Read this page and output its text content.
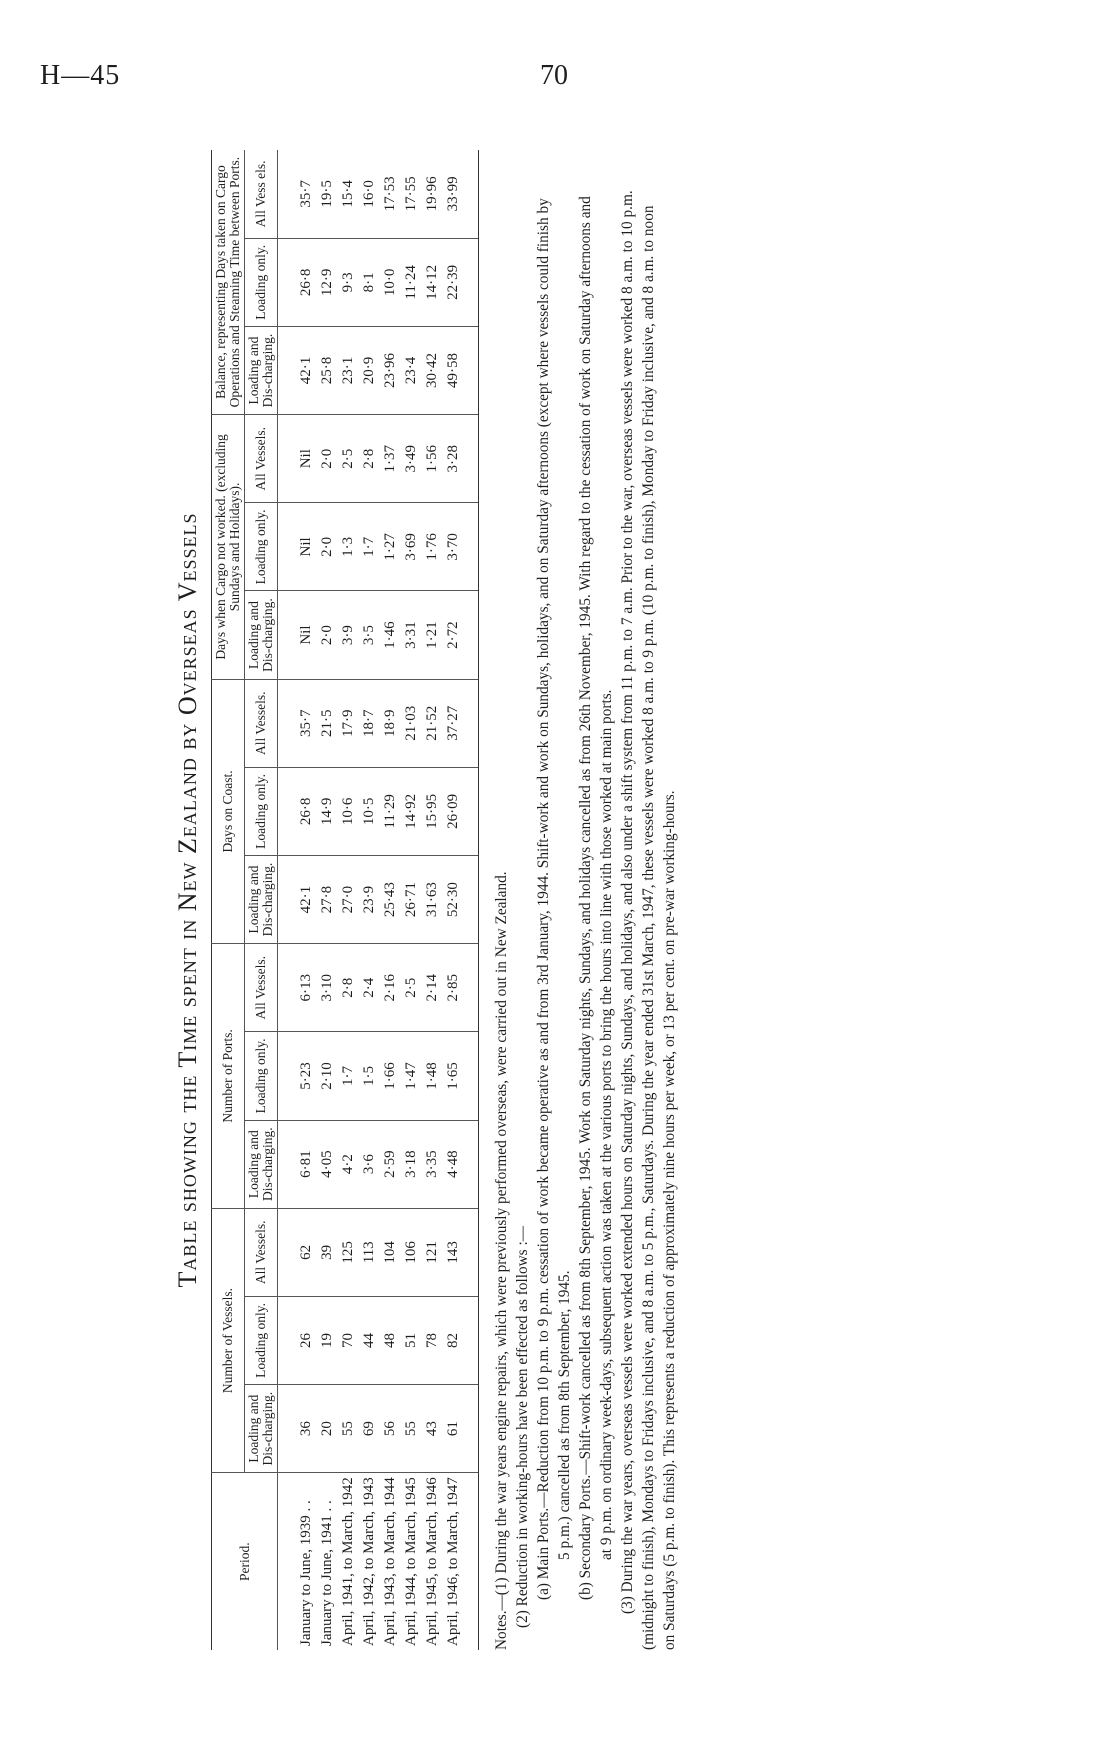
H—45	70
Table showing the Time spent in New Zealand by Overseas Vessels
Period.	Number of Vessels.			Number of Ports.			Days on Coast.			Days when Cargo not worked. (excluding Sundays and Holidays).			Balance, representing Days taken on Cargo Operations and Steaming Time between Ports.		
	Loading and Dis-charging.	Loading only.	All Vessels.	Loading and Dis-charging.	Loading only.	All Vessels.	Loading and Dis-charging.	Loading only.	All Vessels.	Loading and Dis-charging.	Loading only.	All Vessels.	Loading and Dis-charging.	Loading only.	All Vess els.
January to June, 1939 . .	36	26	62	6·81	5·23	6·13	42·1	26·8	35·7	Nil	Nil	Nil	42·1	26·8	35·7
January to June, 1941 . .	20	19	39	4·05	2·10	3·10	27·8	14·9	21·5	2·0	2·0	2·0	25·8	12·9	19·5
April, 1941, to March, 1942	55	70	125	4·2	1·7	2·8	27·0	10·6	17·9	3·9	1·3	2·5	23·1	9·3	15·4
April, 1942, to March, 1943	69	44	113	3·6	1·5	2·4	23·9	10·5	18·7	3·5	1·7	2·8	20·9	8·1	16·0
April, 1943, to March, 1944	56	48	104	2·59	1·66	2·16	25·43	11·29	18·9	1·46	1·27	1·37	23·96	10·0	17·53
April, 1944, to March, 1945	55	51	106	3·18	1·47	2·5	26·71	14·92	21·03	3·31	3·69	3·49	23·4	11·24	17·55
April, 1945, to March, 1946	43	78	121	3·35	1·48	2·14	31·63	15·95	21·52	1·21	1·76	1·56	30·42	14·12	19·96
April, 1946, to March, 1947	61	82	143	4·48	1·65	2·85	52·30	26·09	37·27	2·72	3·70	3·28	49·58	22·39	33·99

Notes.—(1) During the war years engine repairs, which were previously performed overseas, were carried out in New Zealand. (2) Reduction in working-hours have been effected as follows :— (a) Main Ports.—Reduction from 10 p.m. to 9 p.m. cessation of work became operative as and from 3rd January, 1944. Shift-work and work on Sundays, holidays, and on Saturday afternoons (except where vessels could finish by 5 p.m.) cancelled as from 8th September, 1945. (b) Secondary Ports.—Shift-work cancelled as from 8th September, 1945. Work on Saturday nights, Sundays, and holidays cancelled as from 26th November, 1945. With regard to the cessation of work on Saturday afternoons and at 9 p.m. on ordinary week-days, subsequent action was taken at the various ports to bring the hours into line with those worked at main ports. (3) During the war years, overseas vessels were worked extended hours on Saturday nights, Sundays, and holidays, and also under a shift system from 11 p.m. to 7 a.m. Prior to the war, overseas vessels were worked 8 a.m. to 10 p.m. (midnight to finish), Mondays to Fridays inclusive, and 8 a.m. to 5 p.m., Saturdays. During the year ended 31st March, 1947, these vessels were worked 8 a.m. to 9 p.m. (10 p.m. to finish), Monday to Friday inclusive, and 8 a.m. to noon on Saturdays (5 p.m. to finish). This represents a reduction of approximately nine hours per week, or 13 per cent. on pre-war working-hours.
